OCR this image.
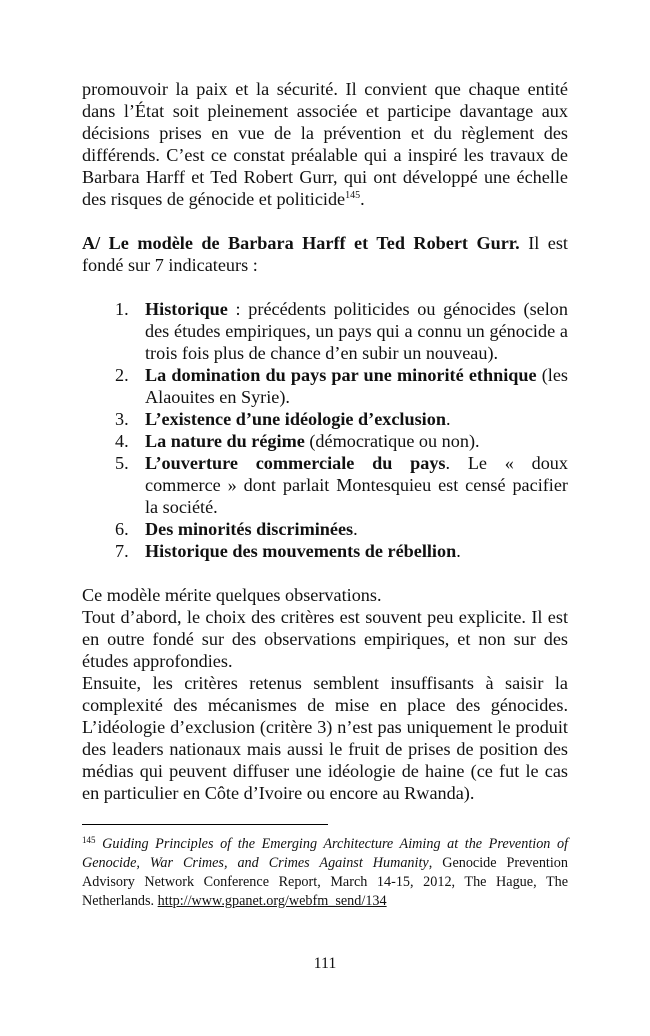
promouvoir la paix et la sécurité. Il convient que chaque entité dans l’État soit pleinement associée et participe davantage aux décisions prises en vue de la prévention et du règlement des différends. C’est ce constat préalable qui a inspiré les travaux de Barbara Harff et Ted Robert Gurr, qui ont développé une échelle des risques de génocide et politicide$^{145}$.

A/ Le modèle de Barbara Harff et Ted Robert Gurr. Il est fondé sur 7 indicateurs :

1. Historique : précédents politicides ou génocides (selon des études empiriques, un pays qui a connu un génocide a trois fois plus de chance d’en subir un nouveau).
2. La domination du pays par une minorité ethnique (les Alaouites en Syrie).
3. L’existence d’une idéologie d’exclusion.
4. La nature du régime (démocratique ou non).
5. L’ouverture commerciale du pays. Le « doux commerce » dont parlait Montesquieu est censé pacifier la société.
6. Des minorités discriminées.
7. Historique des mouvements de rébellion.

Ce modèle mérite quelques observations.

Tout d’abord, le choix des critères est souvent peu explicite. Il est en outre fondé sur des observations empiriques, et non sur des études approfondies.

Ensuite, les critères retenus semblent insuffisants à saisir la complexité des mécanismes de mise en place des génocides. L’idéologie d’exclusion (critère 3) n’est pas uniquement le produit des leaders nationaux mais aussi le fruit de prises de position des médias qui peuvent diffuser une idéologie de haine (ce fut le cas en particulier en Côte d’Ivoire ou encore au Rwanda).

$^{145}$ Guiding Principles of the Emerging Architecture Aiming at the Prevention of Genocide, War Crimes, and Crimes Against Humanity, Genocide Prevention Advisory Network Conference Report, March 14-15, 2012, The Hague, The Netherlands. http://www.gpanet.org/webfm_send/134

111
